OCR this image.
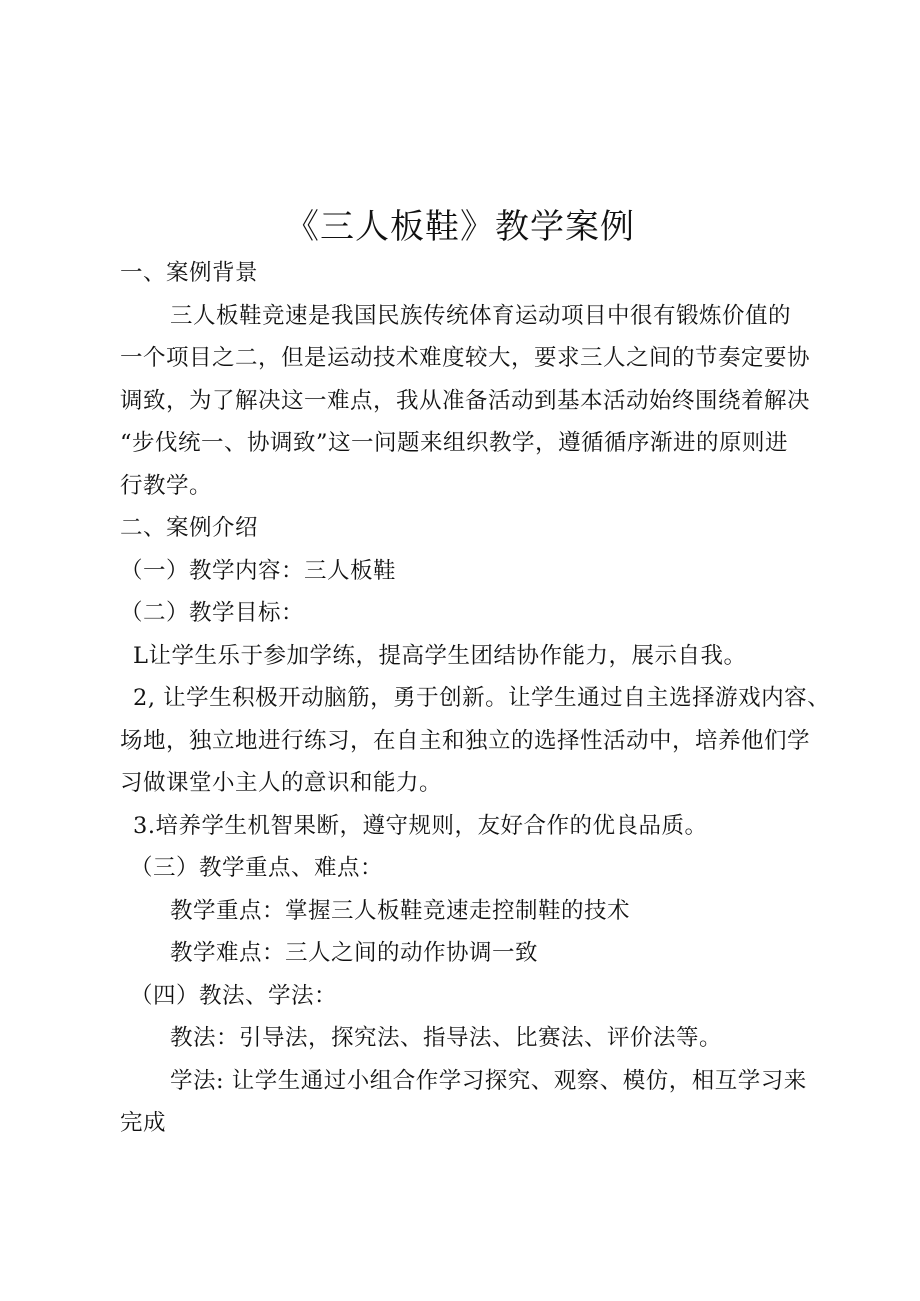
《三人板鞋》教学案例
一、案例背景
三人板鞋竞速是我国民族传统体育运动项目中很有锻炼价值的
一个项目之二，但是运动技术难度较大，要求三人之间的节奏定要协
调致，为了解决这一难点，我从准备活动到基本活动始终围绕着解决
“步伐统一、协调致”这一问题来组织教学，遵循循序渐进的原则进
行教学。
二、案例介绍
（一）教学内容：三人板鞋
（二）教学目标：
L让学生乐于参加学练，提高学生团结协作能力，展示自我。
2, 让学生积极开动脑筋，勇于创新。让学生通过自主选择游戏内容、
场地，独立地进行练习，在自主和独立的选择性活动中，培养他们学
习做课堂小主人的意识和能力。
3.培养学生机智果断，遵守规则，友好合作的优良品质。
（三）教学重点、难点：
教学重点：掌握三人板鞋竞速走控制鞋的技术
教学难点：三人之间的动作协调一致
（四）教法、学法：
教法：引导法，探究法、指导法、比赛法、评价法等。
学法: 让学生通过小组合作学习探究、观察、模仿，相互学习来
完成
